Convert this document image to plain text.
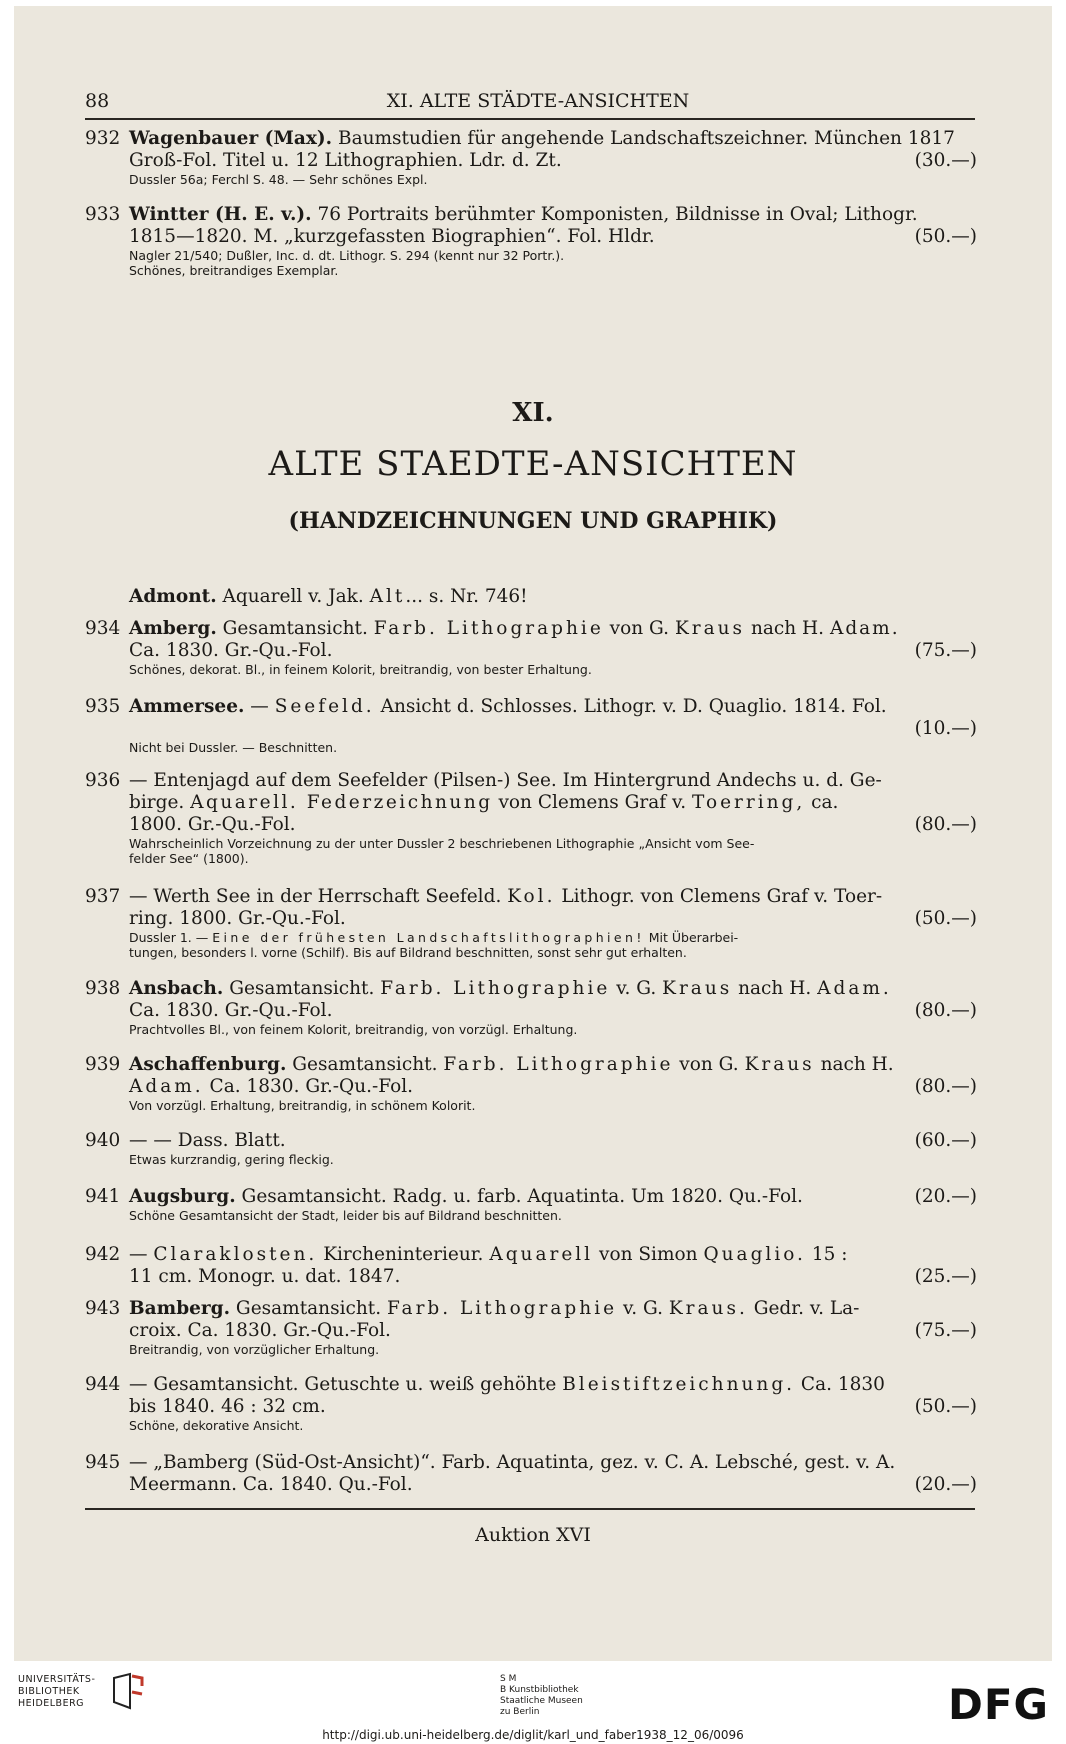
88	XI. ALTE STÄDTE-ANSICHTEN
932 Wagenbauer (Max). Baumstudien für angehende Landschaftszeichner. München 1817
Groß-Fol. Titel u. 12 Lithographien. Ldr. d. Zt.	(30.—)
Dussler 56a; Ferchl S. 48. — Sehr schönes Expl.
933 Wintter (H. E. v.). 76 Portraits berühmter Komponisten, Bildnisse in Oval; Lithogr.
1815—1820. M. „kurzgefassten Biographien“. Fol. Hldr.	(50.—)
Nagler 21/540; Dußler, Inc. d. dt. Lithogr. S. 294 (kennt nur 32 Portr.).
Schönes, breitrandiges Exemplar.
XI.
ALTE STAEDTE-ANSICHTEN
(HANDZEICHNUNGEN UND GRAPHIK)
Admont. Aquarell v. Jak. Alt... s. Nr. 746!
934 Amberg. Gesamtansicht. Farb. Lithographie von G. Kraus nach H. Adam.
Ca. 1830. Gr.-Qu.-Fol.	(75.—)
Schönes, dekorat. Bl., in feinem Kolorit, breitrandig, von bester Erhaltung.
935 Ammersee. — Seefeld. Ansicht d. Schlosses. Lithogr. v. D. Quaglio. 1814. Fol.
(10.—)
Nicht bei Dussler. — Beschnitten.
936 — Entenjagd auf dem Seefelder (Pilsen-) See. Im Hintergrund Andechs u. d. Ge-
birge. Aquarell. Federzeichnung von Clemens Graf v. Toerring, ca.
1800. Gr.-Qu.-Fol.	(80.—)
Wahrscheinlich Vorzeichnung zu der unter Dussler 2 beschriebenen Lithographie „Ansicht vom See-
felder See“ (1800).
937 — Werth See in der Herrschaft Seefeld. Kol. Lithogr. von Clemens Graf v. Toer-
ring. 1800. Gr.-Qu.-Fol.	(50.—)
Dussler 1. — Eine der frühesten Landschaftslithographien! Mit Überarbei-
tungen, besonders l. vorne (Schilf). Bis auf Bildrand beschnitten, sonst sehr gut erhalten.
938 Ansbach. Gesamtansicht. Farb. Lithographie v. G. Kraus nach H. Adam.
Ca. 1830. Gr.-Qu.-Fol.	(80.—)
Prachtvolles Bl., von feinem Kolorit, breitrandig, von vorzügl. Erhaltung.
939 Aschaffenburg. Gesamtansicht. Farb. Lithographie von G. Kraus nach H.
Adam. Ca. 1830. Gr.-Qu.-Fol.	(80.—)
Von vorzügl. Erhaltung, breitrandig, in schönem Kolorit.
940 — — Dass. Blatt.	(60.—)
Etwas kurzrandig, gering fleckig.
941 Augsburg. Gesamtansicht. Radg. u. farb. Aquatinta. Um 1820. Qu.-Fol.	(20.—)
Schöne Gesamtansicht der Stadt, leider bis auf Bildrand beschnitten.
942 — Claraklosten. Kircheninterieur. Aquarell von Simon Quaglio. 15 :
11 cm. Monogr. u. dat. 1847.	(25.—)
943 Bamberg. Gesamtansicht. Farb. Lithographie v. G. Kraus. Gedr. v. La-
croix. Ca. 1830. Gr.-Qu.-Fol.	(75.—)
Breitrandig, von vorzüglicher Erhaltung.
944 — Gesamtansicht. Getuschte u. weiß gehöhte Bleistiftzeichnung. Ca. 1830
bis 1840. 46 : 32 cm.	(50.—)
Schöne, dekorative Ansicht.
945 — „Bamberg (Süd-Ost-Ansicht)“. Farb. Aquatinta, gez. v. C. A. Lebsché, gest. v. A.
Meermann. Ca. 1840. Qu.-Fol.	(20.—)
Auktion XVI
UNIVERSITÄTS-
BIBLIOTHEK
HEIDELBERG
S M
B Kunstbibliothek
Staatliche Museen
zu Berlin	DFG
http://digi.ub.uni-heidelberg.de/diglit/karl_und_faber1938_12_06/0096
